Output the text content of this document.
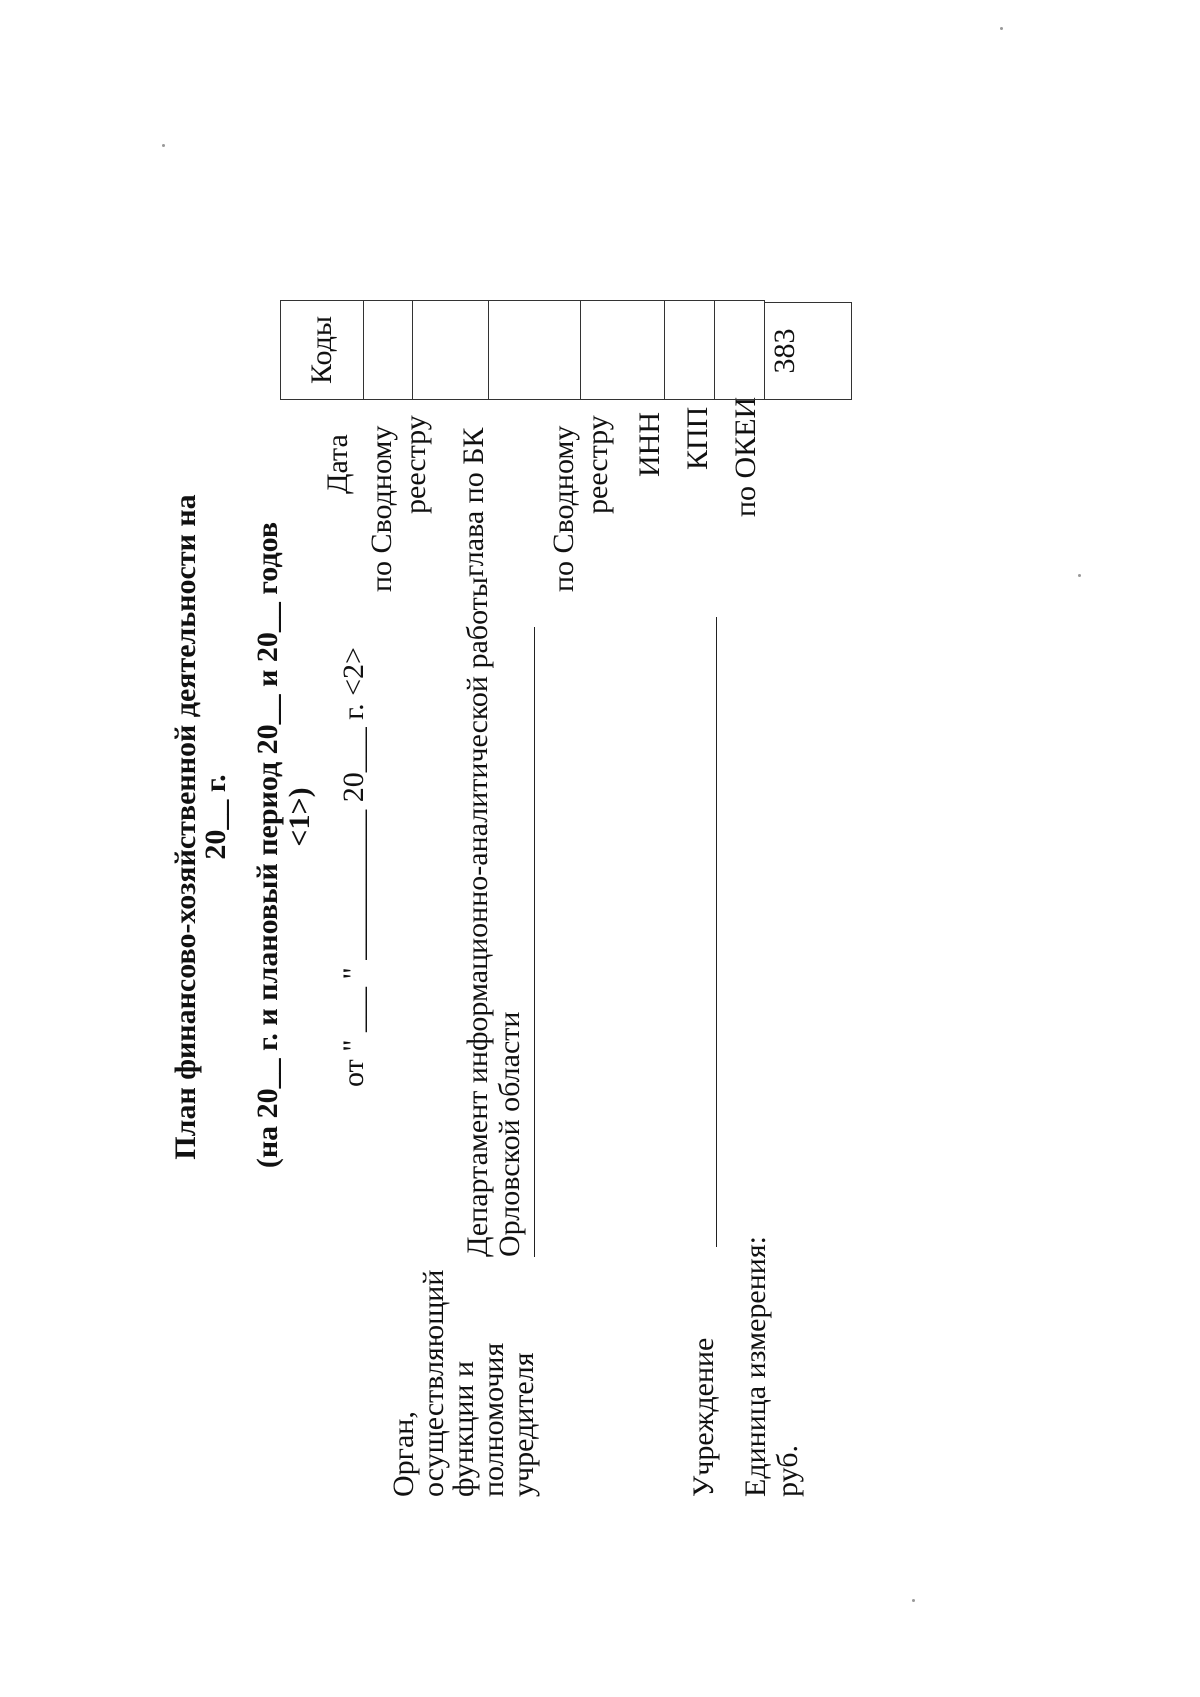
План финансово-хозяйственной деятельности на
20__ г. (на 20__ г. и плановый период 20__ и 20__ годов <1>) от " ___ " __________ 20___ г. <2>
Орган,
осуществляющий
функции и
полномочия
учредителя
Департамент информационно-аналитической работы Орловской области
Учреждение Единица измерения: руб.
Дата по Сводному реестру глава по БК по Сводному реестру ИНН КПП по ОКЕИ
Коды	383
